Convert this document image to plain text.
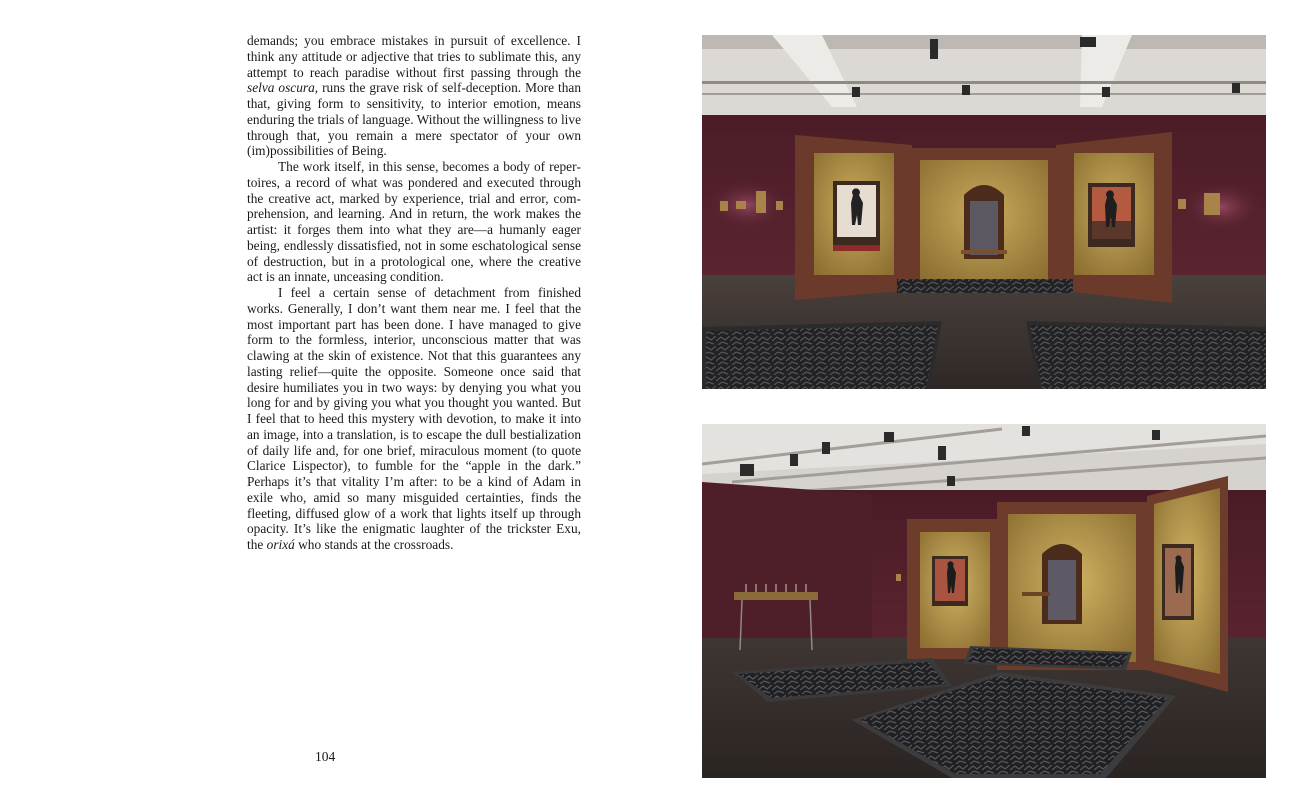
demands; you embrace mistakes in pursuit of excellence. I think any attitude or adjective that tries to sublimate this, any attempt to reach paradise without first passing through the selva oscura, runs the grave risk of self-deception. More than that, giving form to sensitivity, to interior emotion, means enduring the trials of language. Without the willingness to live through that, you remain a mere spectator of your own (im)possibilities of Being.

The work itself, in this sense, becomes a body of repertoires, a record of what was pondered and executed through the creative act, marked by experience, trial and error, comprehension, and learning. And in return, the work makes the artist: it forges them into what they are—a humanly eager being, endlessly dissatisfied, not in some eschatological sense of destruction, but in a protological one, where the creative act is an innate, unceasing condition.

I feel a certain sense of detachment from finished works. Generally, I don’t want them near me. I feel that the most important part has been done. I have managed to give form to the formless, interior, unconscious matter that was clawing at the skin of existence. Not that this guarantees any lasting relief—quite the opposite. Someone once said that desire humiliates you in two ways: by denying you what you long for and by giving you what you thought you wanted. But I feel that to heed this mystery with devotion, to make it into an image, into a translation, is to escape the dull bestialization of daily life and, for one brief, miraculous moment (to quote Clarice Lispector), to fumble for the “apple in the dark.” Perhaps it’s that vitality I’m after: to be a kind of Adam in exile who, amid so many misguided certainties, finds the fleeting, diffused glow of a work that lights itself up through opacity. It’s like the enigmatic laughter of the trickster Exu, the orixá who stands at the crossroads.

104
